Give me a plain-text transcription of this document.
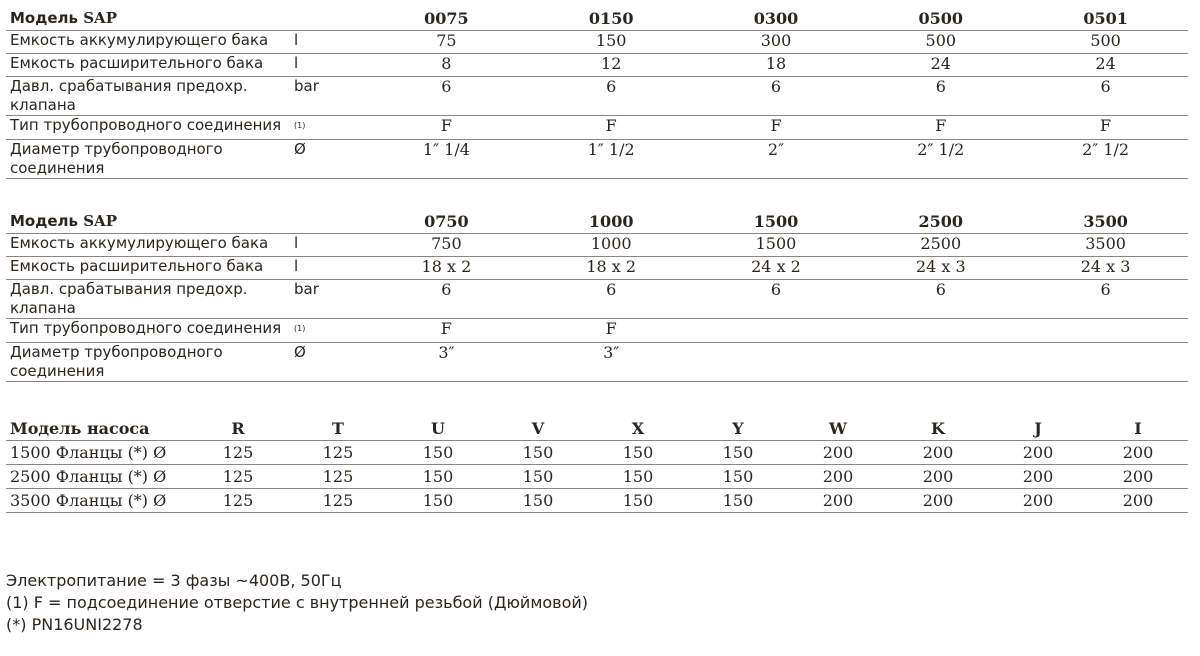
Модель SAP		0075	0150	0300	0500	0501
Емкость аккумулирующего бака	l	75	150	300	500	500
Емкость расширительного бака	l	8	12	18	24	24
Давл. срабатывания предохр. клапана	bar	6	6	6	6	6
Тип трубопроводного соединения	$^{(1)}$	F	F	F	F	F
Диаметр трубопроводного соединения	Ø	1″ 1/4	1″ 1/2	2″	2″ 1/2	2″ 1/2
Модель SAP		0750	1000	1500	2500	3500
Емкость аккумулирующего бака	l	750	1000	1500	2500	3500
Емкость расширительного бака	l	18 x 2	18 x 2	24 x 2	24 x 3	24 x 3
Давл. срабатывания предохр. клапана	bar	6	6	6	6	6
Тип трубопроводного соединения	$^{(1)}$	F	F			
Диаметр трубопроводного соединения	Ø	3″	3″			
Модель насоса	R	T	U	V	X	Y	W	K	J	I
1500 Фланцы (*) Ø	125	125	150	150	150	150	200	200	200	200
2500 Фланцы (*) Ø	125	125	150	150	150	150	200	200	200	200
3500 Фланцы (*) Ø	125	125	150	150	150	150	200	200	200	200
Электропитание = 3 фазы ~400В, 50Гц
(1) F = подсоединение отверстие с внутренней резьбой (Дюймовой)
(*) PN16UNI2278
